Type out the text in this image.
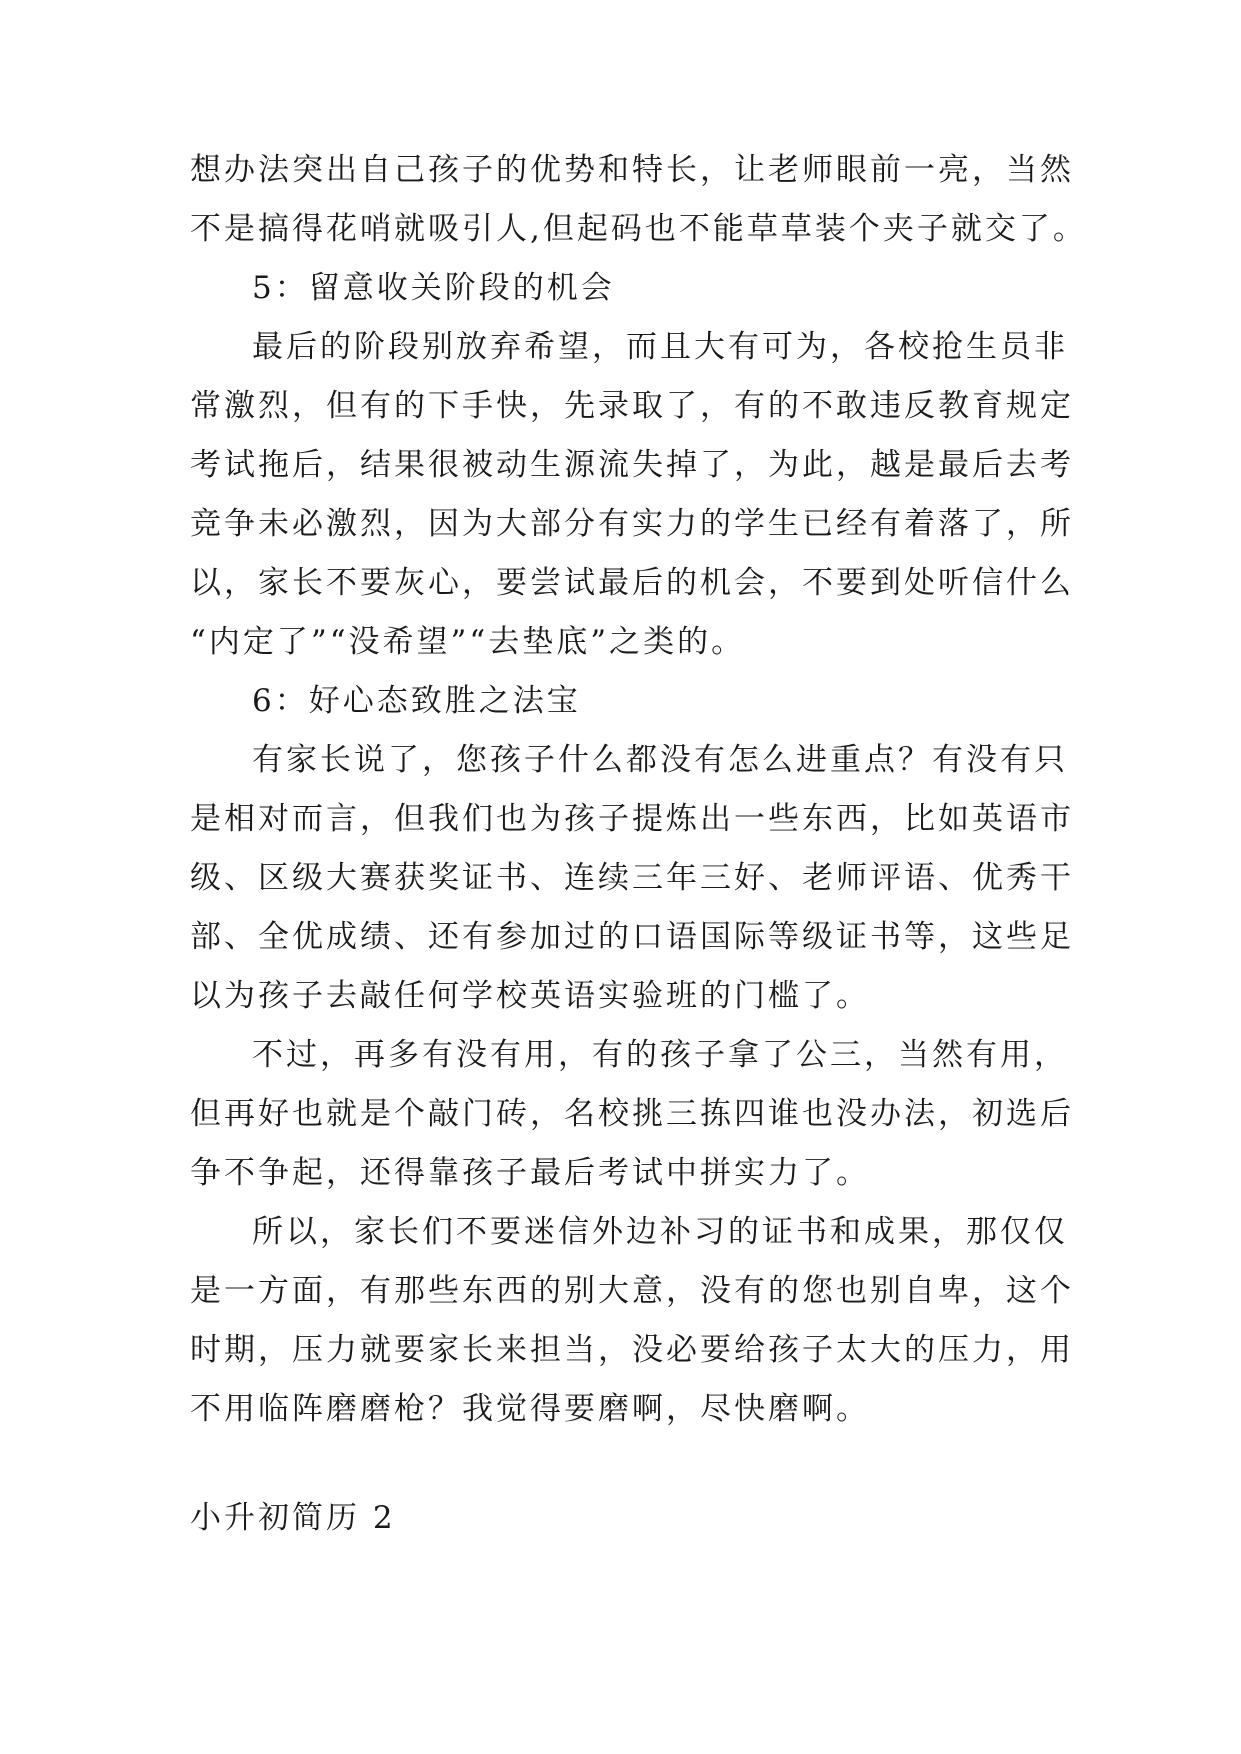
想办法突出自己孩子的优势和特长，让老师眼前一亮，当然
不是搞得花哨就吸引人,但起码也不能草草装个夹子就交了。
5：留意收关阶段的机会
最后的阶段别放弃希望，而且大有可为，各校抢生员非
常激烈，但有的下手快，先录取了，有的不敢违反教育规定
考试拖后，结果很被动生源流失掉了，为此，越是最后去考
竞争未必激烈，因为大部分有实力的学生已经有着落了，所
以，家长不要灰心，要尝试最后的机会，不要到处听信什么
“内定了”“没希望”“去垫底”之类的。
6：好心态致胜之法宝
有家长说了，您孩子什么都没有怎么进重点？有没有只
是相对而言，但我们也为孩子提炼出一些东西，比如英语市
级、区级大赛获奖证书、连续三年三好、老师评语、优秀干
部、全优成绩、还有参加过的口语国际等级证书等，这些足
以为孩子去敲任何学校英语实验班的门槛了。
不过，再多有没有用，有的孩子拿了公三，当然有用，
但再好也就是个敲门砖，名校挑三拣四谁也没办法，初选后
争不争起，还得靠孩子最后考试中拼实力了。
所以，家长们不要迷信外边补习的证书和成果，那仅仅
是一方面，有那些东西的别大意，没有的您也别自卑，这个
时期，压力就要家长来担当，没必要给孩子太大的压力，用
不用临阵磨磨枪？我觉得要磨啊，尽快磨啊。
小升初简历 2
